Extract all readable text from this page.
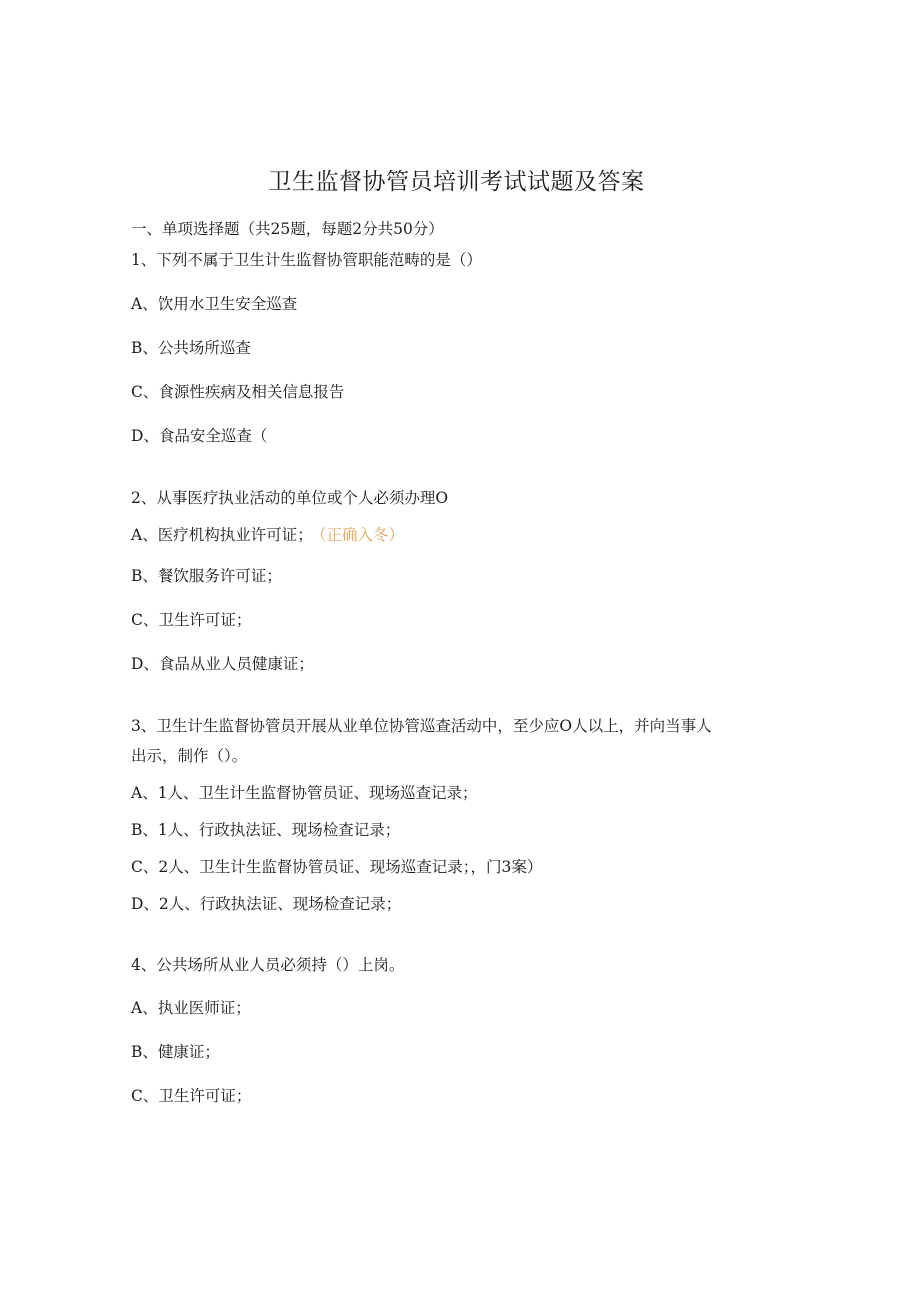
卫生监督协管员培训考试试题及答案
一、单项选择题（共25题，每题2分共50分）
1、下列不属于卫生计生监督协管职能范畴的是（）
A、饮用水卫生安全巡查
B、公共场所巡查
C、食源性疾病及相关信息报告
D、食品安全巡查（
2、从事医疗执业活动的单位或个人必须办理O
A、医疗机构执业许可证； （正确入冬）
B、餐饮服务许可证；
C、卫生许可证；
D、食品从业人员健康证；
3、卫生计生监督协管员开展从业单位协管巡查活动中，至少应O人以上，并向当事人
出示，制作（）。
A、1人、卫生计生监督协管员证、现场巡查记录；
B、1人、行政执法证、现场检查记录；
C、2人、卫生计生监督协管员证、现场巡查记录；，门3案）
D、2人、行政执法证、现场检查记录；
4、公共场所从业人员必须持（）上岗。
A、执业医师证；
B、健康证；
C、卫生许可证；
